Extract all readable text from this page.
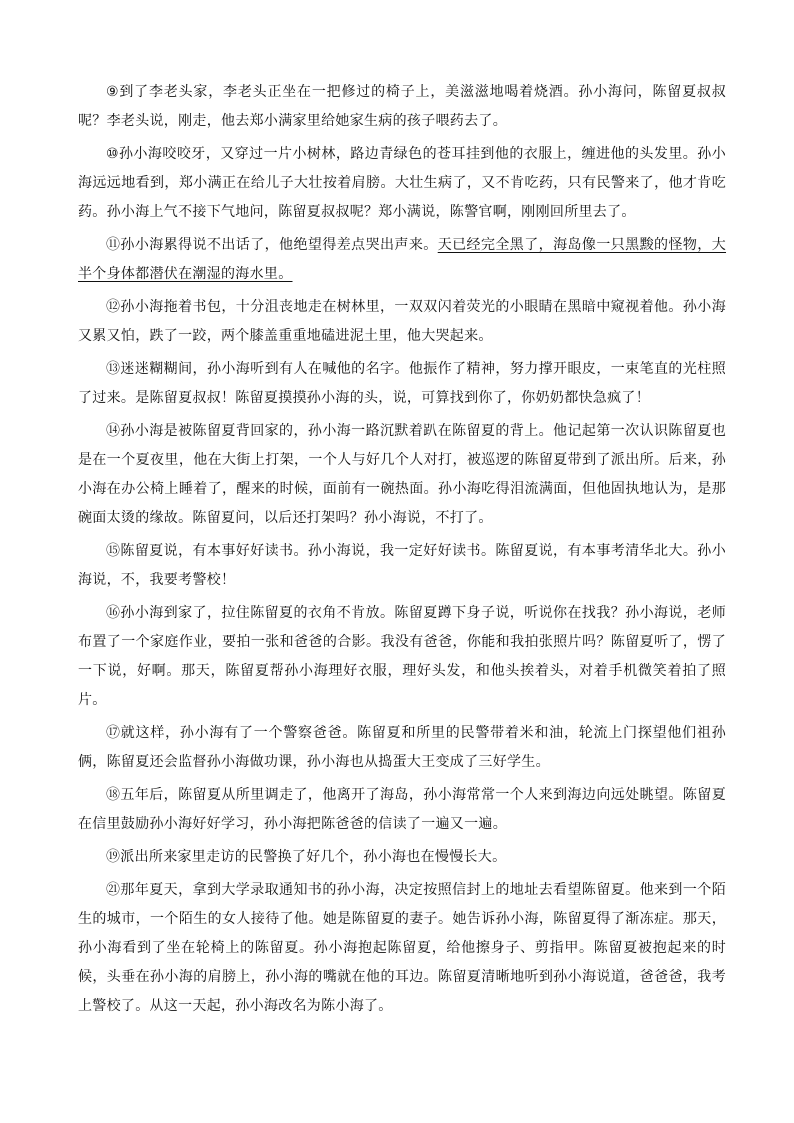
⑨到了李老头家，李老头正坐在一把修过的椅子上，美滋滋地喝着烧酒。孙小海问，陈留夏叔叔呢？李老头说，刚走，他去郑小满家里给她家生病的孩子喂药去了。

⑩孙小海咬咬牙，又穿过一片小树林，路边青绿色的苍耳挂到他的衣服上，缠进他的头发里。孙小海远远地看到，郑小满正在给儿子大壮按着肩膀。大壮生病了，又不肯吃药，只有民警来了，他才肯吃药。孙小海上气不接下气地问，陈留夏叔叔呢？郑小满说，陈警官啊，刚刚回所里去了。

⑪孙小海累得说不出话了，他绝望得差点哭出声来。天已经完全黑了，海岛像一只黑黢的怪物，大半个身体都潜伏在潮湿的海水里。

⑫孙小海拖着书包，十分沮丧地走在树林里，一双双闪着荧光的小眼睛在黑暗中窥视着他。孙小海又累又怕，跌了一跤，两个膝盖重重地磕进泥土里，他大哭起来。

⑬迷迷糊糊间，孙小海听到有人在喊他的名字。他振作了精神，努力撑开眼皮，一束笔直的光柱照了过来。是陈留夏叔叔！陈留夏摸摸孙小海的头，说，可算找到你了，你奶奶都快急疯了！

⑭孙小海是被陈留夏背回家的，孙小海一路沉默着趴在陈留夏的背上。他记起第一次认识陈留夏也是在一个夏夜里，他在大街上打架，一个人与好几个人对打，被巡逻的陈留夏带到了派出所。后来，孙小海在办公椅上睡着了，醒来的时候，面前有一碗热面。孙小海吃得泪流满面，但他固执地认为，是那碗面太烫的缘故。陈留夏问，以后还打架吗？孙小海说，不打了。

⑮陈留夏说，有本事好好读书。孙小海说，我一定好好读书。陈留夏说，有本事考清华北大。孙小海说，不，我要考警校！

⑯孙小海到家了，拉住陈留夏的衣角不肯放。陈留夏蹲下身子说，听说你在找我？孙小海说，老师布置了一个家庭作业，要拍一张和爸爸的合影。我没有爸爸，你能和我拍张照片吗？陈留夏听了，愣了一下说，好啊。那天，陈留夏帮孙小海理好衣服，理好头发，和他头挨着头，对着手机微笑着拍了照片。

⑰就这样，孙小海有了一个警察爸爸。陈留夏和所里的民警带着米和油，轮流上门探望他们祖孙俩，陈留夏还会监督孙小海做功课，孙小海也从捣蛋大王变成了三好学生。

⑱五年后，陈留夏从所里调走了，他离开了海岛，孙小海常常一个人来到海边向远处眺望。陈留夏在信里鼓励孙小海好好学习，孙小海把陈爸爸的信读了一遍又一遍。

⑲派出所来家里走访的民警换了好几个，孙小海也在慢慢长大。

㉑那年夏天，拿到大学录取通知书的孙小海，决定按照信封上的地址去看望陈留夏。他来到一个陌生的城市，一个陌生的女人接待了他。她是陈留夏的妻子。她告诉孙小海，陈留夏得了渐冻症。那天，孙小海看到了坐在轮椅上的陈留夏。孙小海抱起陈留夏，给他擦身子、剪指甲。陈留夏被抱起来的时候，头垂在孙小海的肩膀上，孙小海的嘴就在他的耳边。陈留夏清晰地听到孙小海说道，爸爸爸，我考上警校了。从这一天起，孙小海改名为陈小海了。
